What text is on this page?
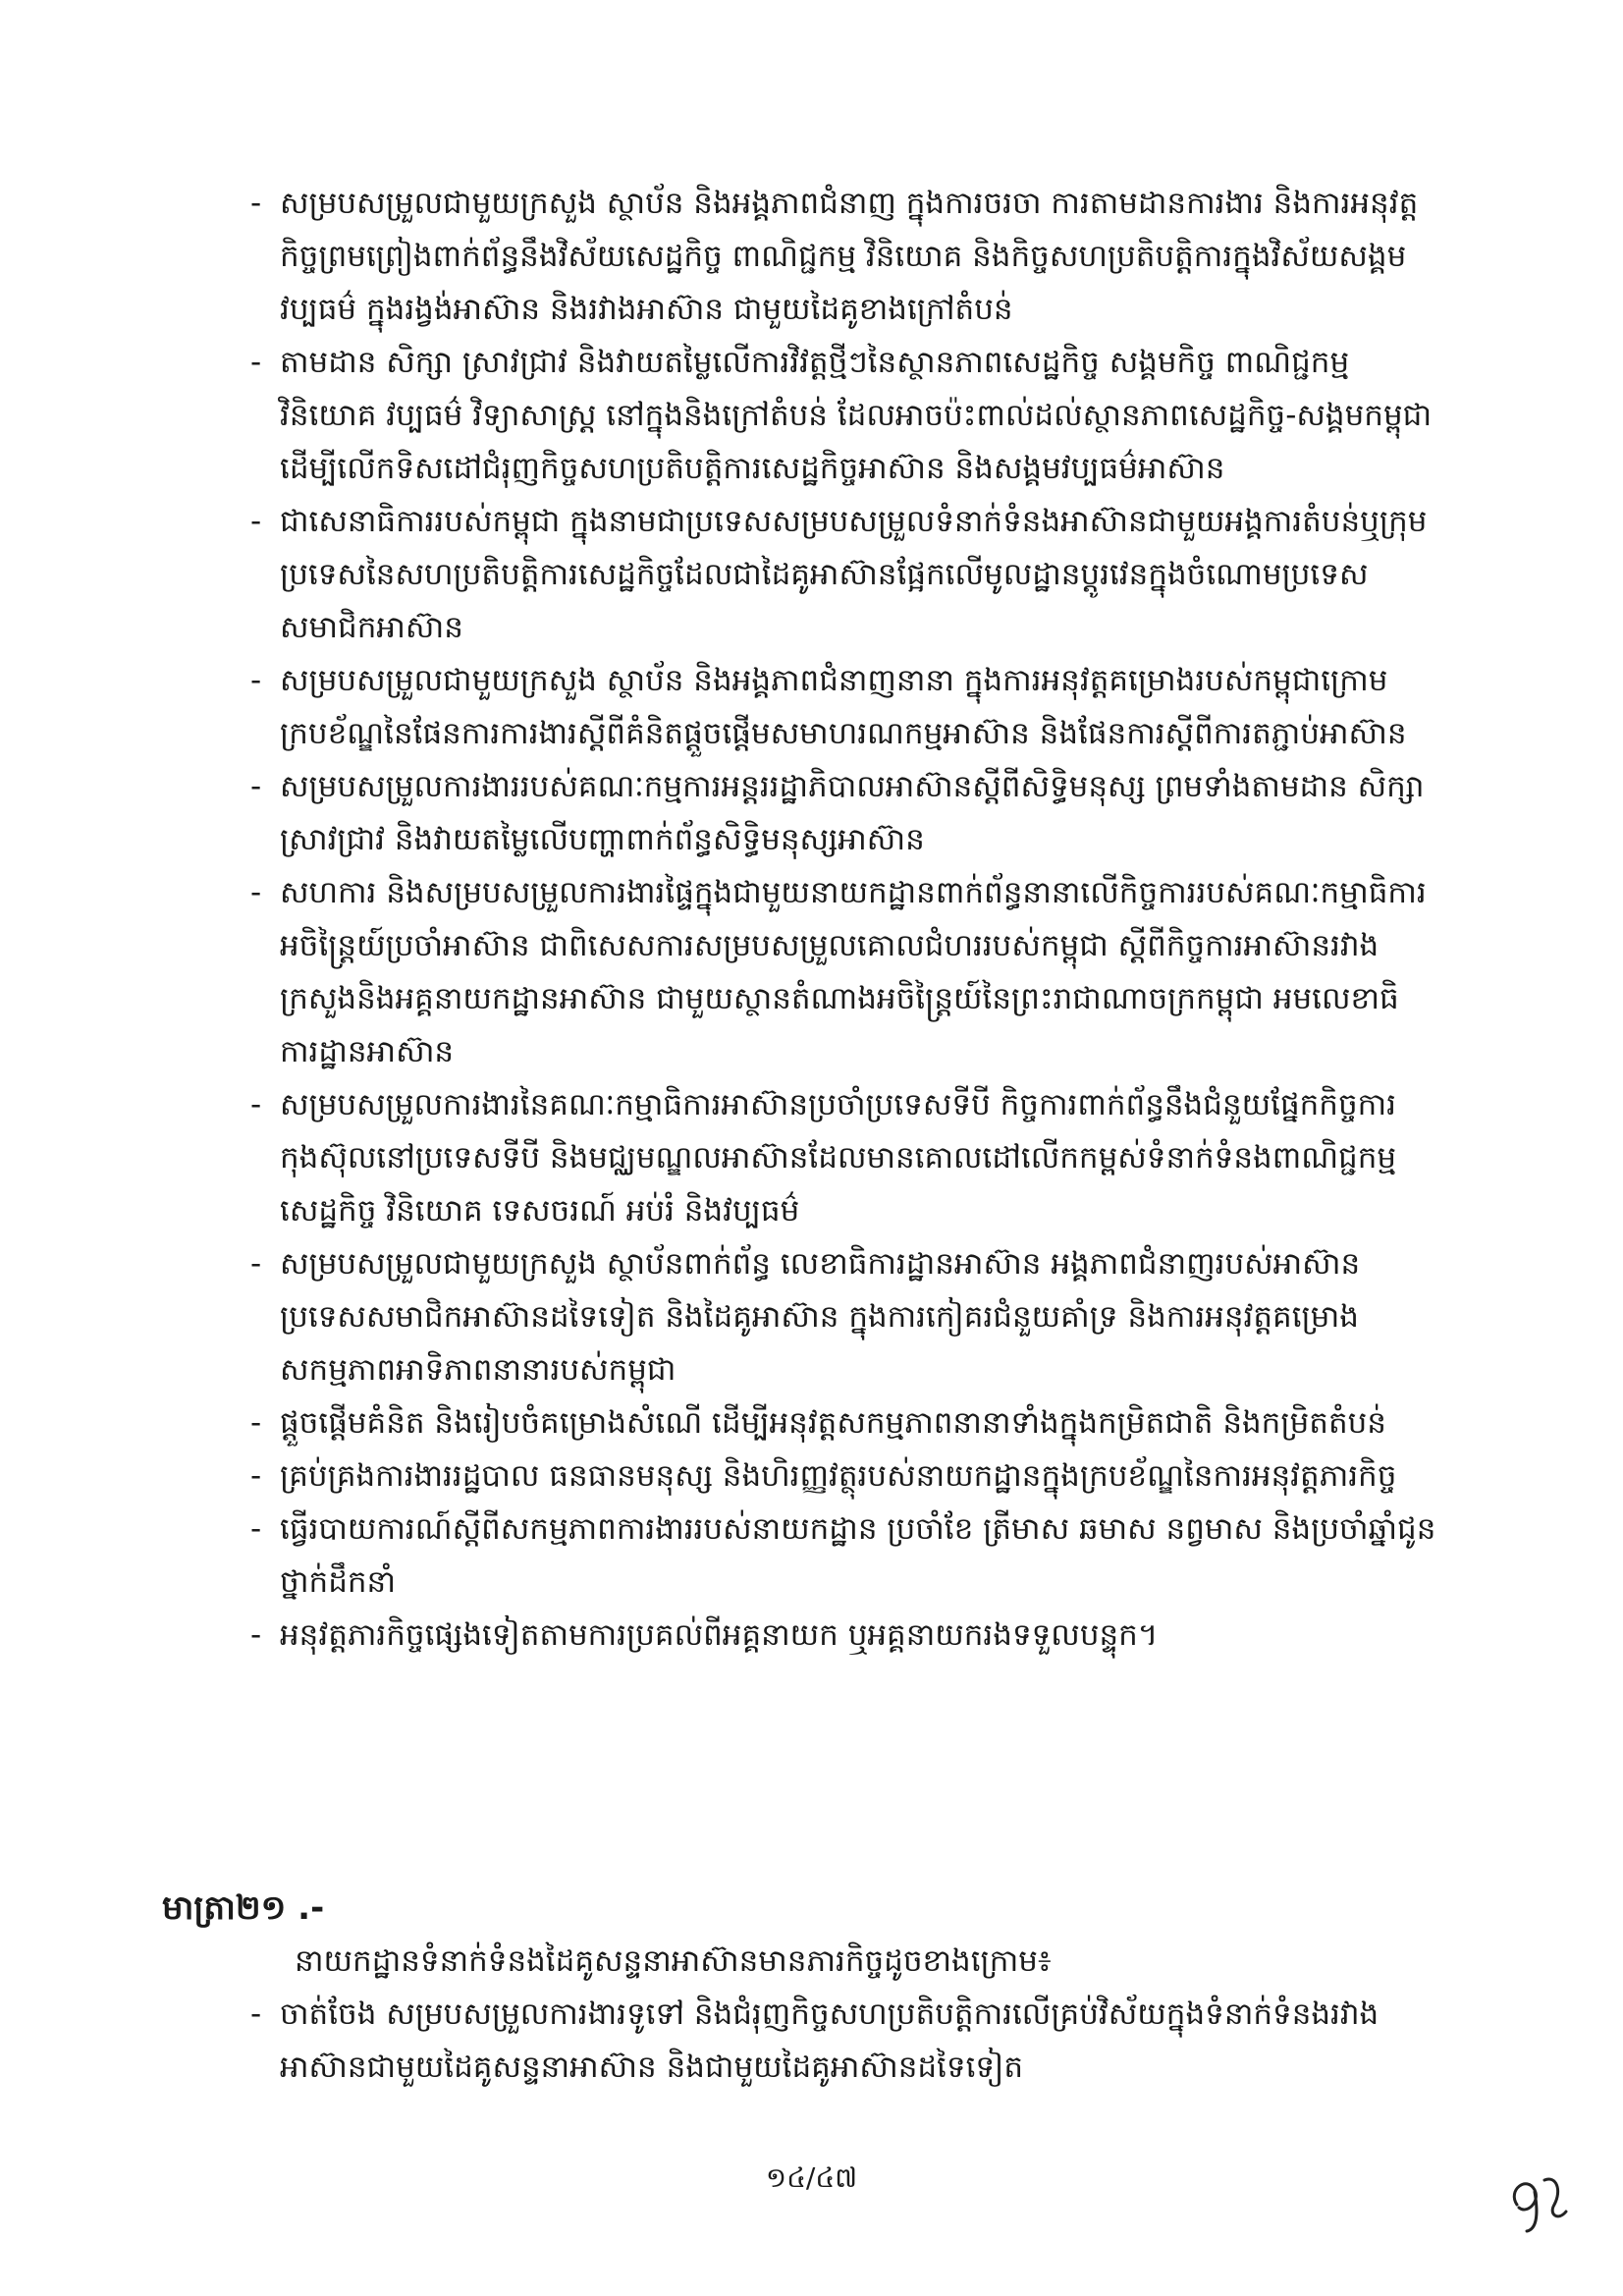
- សម្របសម្រួលជាមួយក្រសួង ស្ថាប័ន និងអង្គភាពជំនាញ ក្នុងការចរចា ការតាមដានការងារ និងការអនុវត្តកិច្ចព្រមព្រៀងពាក់ព័ន្ធនឹងវិស័យសេដ្ឋកិច្ច ពាណិជ្ជកម្ម វិនិយោគ និងកិច្ចសហប្រតិបត្តិការក្នុងវិស័យសង្គមវប្បធម៌ ក្នុងរង្វង់អាស៊ាន និងរវាងអាស៊ាន ជាមួយដៃគូខាងក្រៅតំបន់
- តាមដាន សិក្សា ស្រាវជ្រាវ និងវាយតម្លៃលើការវិវត្តថ្មីៗនៃស្ថានភាពសេដ្ឋកិច្ច សង្គមកិច្ច ពាណិជ្ជកម្ម វិនិយោគ វប្បធម៌ វិទ្យាសាស្ត្រ នៅក្នុងនិងក្រៅតំបន់ ដែលអាចប៉ះពាល់ដល់ស្ថានភាពសេដ្ឋកិច្ច-សង្គមកម្ពុជា ដើម្បីលើកទិសដៅជំរុញកិច្ចសហប្រតិបត្តិការសេដ្ឋកិច្ចអាស៊ាន និងសង្គមវប្បធម៌អាស៊ាន
- ជាសេនាធិការរបស់កម្ពុជា ក្នុងនាមជាប្រទេសសម្របសម្រួលទំនាក់ទំនងអាស៊ានជាមួយអង្គការតំបន់ឬក្រុមប្រទេសនៃសហប្រតិបត្តិការសេដ្ឋកិច្ចដែលជាដៃគូអាស៊ានផ្អែកលើមូលដ្ឋានប្តូរវេនក្នុងចំណោមប្រទេសសមាជិកអាស៊ាន
- សម្របសម្រួលជាមួយក្រសួង ស្ថាប័ន និងអង្គភាពជំនាញនានា ក្នុងការអនុវត្តគម្រោងរបស់កម្ពុជាក្រោមក្របខ័ណ្ឌនៃផែនការការងារស្តីពីគំនិតផ្តួចផ្តើមសមាហរណកម្មអាស៊ាន និងផែនការស្តីពីការតភ្ជាប់អាស៊ាន
- សម្របសម្រួលការងាររបស់គណៈកម្មការអន្តររដ្ឋាភិបាលអាស៊ានស្តីពីសិទ្ធិមនុស្ស ព្រមទាំងតាមដាន សិក្សា ស្រាវជ្រាវ និងវាយតម្លៃលើបញ្ហាពាក់ព័ន្ធសិទ្ធិមនុស្សអាស៊ាន
- សហការ និងសម្របសម្រួលការងារផ្ទៃក្នុងជាមួយនាយកដ្ឋានពាក់ព័ន្ធនានាលើកិច្ចការរបស់គណៈកម្មាធិការអចិន្ត្រៃយ៍ប្រចាំអាស៊ាន ជាពិសេសការសម្របសម្រួលគោលជំហររបស់កម្ពុជា ស្តីពីកិច្ចការអាស៊ានរវាងក្រសួងនិងអគ្គនាយកដ្ឋានអាស៊ាន ជាមួយស្ថានតំណាងអចិន្ត្រៃយ៍នៃព្រះរាជាណាចក្រកម្ពុជា អមលេខាធិការដ្ឋានអាស៊ាន
- សម្របសម្រួលការងារនៃគណៈកម្មាធិការអាស៊ានប្រចាំប្រទេសទីបី កិច្ចការពាក់ព័ន្ធនឹងជំនួយផ្នែកកិច្ចការកុងស៊ុលនៅប្រទេសទីបី និងមជ្ឈមណ្ឌលអាស៊ានដែលមានគោលដៅលើកកម្ពស់ទំនាក់ទំនងពាណិជ្ជកម្ម សេដ្ឋកិច្ច វិនិយោគ ទេសចរណ៍ អប់រំ និងវប្បធម៌
- សម្របសម្រួលជាមួយក្រសួង ស្ថាប័នពាក់ព័ន្ធ លេខាធិការដ្ឋានអាស៊ាន អង្គភាពជំនាញរបស់អាស៊ានប្រទេសសមាជិកអាស៊ានដទៃទៀត និងដៃគូអាស៊ាន ក្នុងការកៀគរជំនួយគាំទ្រ និងការអនុវត្តគម្រោងសកម្មភាពអាទិភាពនានារបស់កម្ពុជា
- ផ្តួចផ្តើមគំនិត និងរៀបចំគម្រោងសំណើ ដើម្បីអនុវត្តសកម្មភាពនានាទាំងក្នុងកម្រិតជាតិ និងកម្រិតតំបន់
- គ្រប់គ្រងការងាររដ្ឋបាល ធនធានមនុស្ស និងហិរញ្ញវត្ថុរបស់នាយកដ្ឋានក្នុងក្របខ័ណ្ឌនៃការអនុវត្តភារកិច្ច
- ធ្វើរបាយការណ៍ស្តីពីសកម្មភាពការងាររបស់នាយកដ្ឋាន ប្រចាំខែ ត្រីមាស ឆមាស នព្វមាស និងប្រចាំឆ្នាំជូនថ្នាក់ដឹកនាំ
- អនុវត្តភារកិច្ចផ្សេងទៀតតាមការប្រគល់ពីអគ្គនាយក ឬអគ្គនាយករងទទួលបន្ទុក។
មាត្រា២១ .-
នាយកដ្ឋានទំនាក់ទំនងដៃគូសន្ទនាអាស៊ានមានភារកិច្ចដូចខាងក្រោម៖
- ចាត់ចែង សម្របសម្រួលការងារទូទៅ និងជំរុញកិច្ចសហប្រតិបត្តិការលើគ្រប់វិស័យក្នុងទំនាក់ទំនងរវាងអាស៊ានជាមួយដៃគូសន្ទនាអាស៊ាន និងជាមួយដៃគូអាស៊ានដទៃទៀត
១៤/៤៧
